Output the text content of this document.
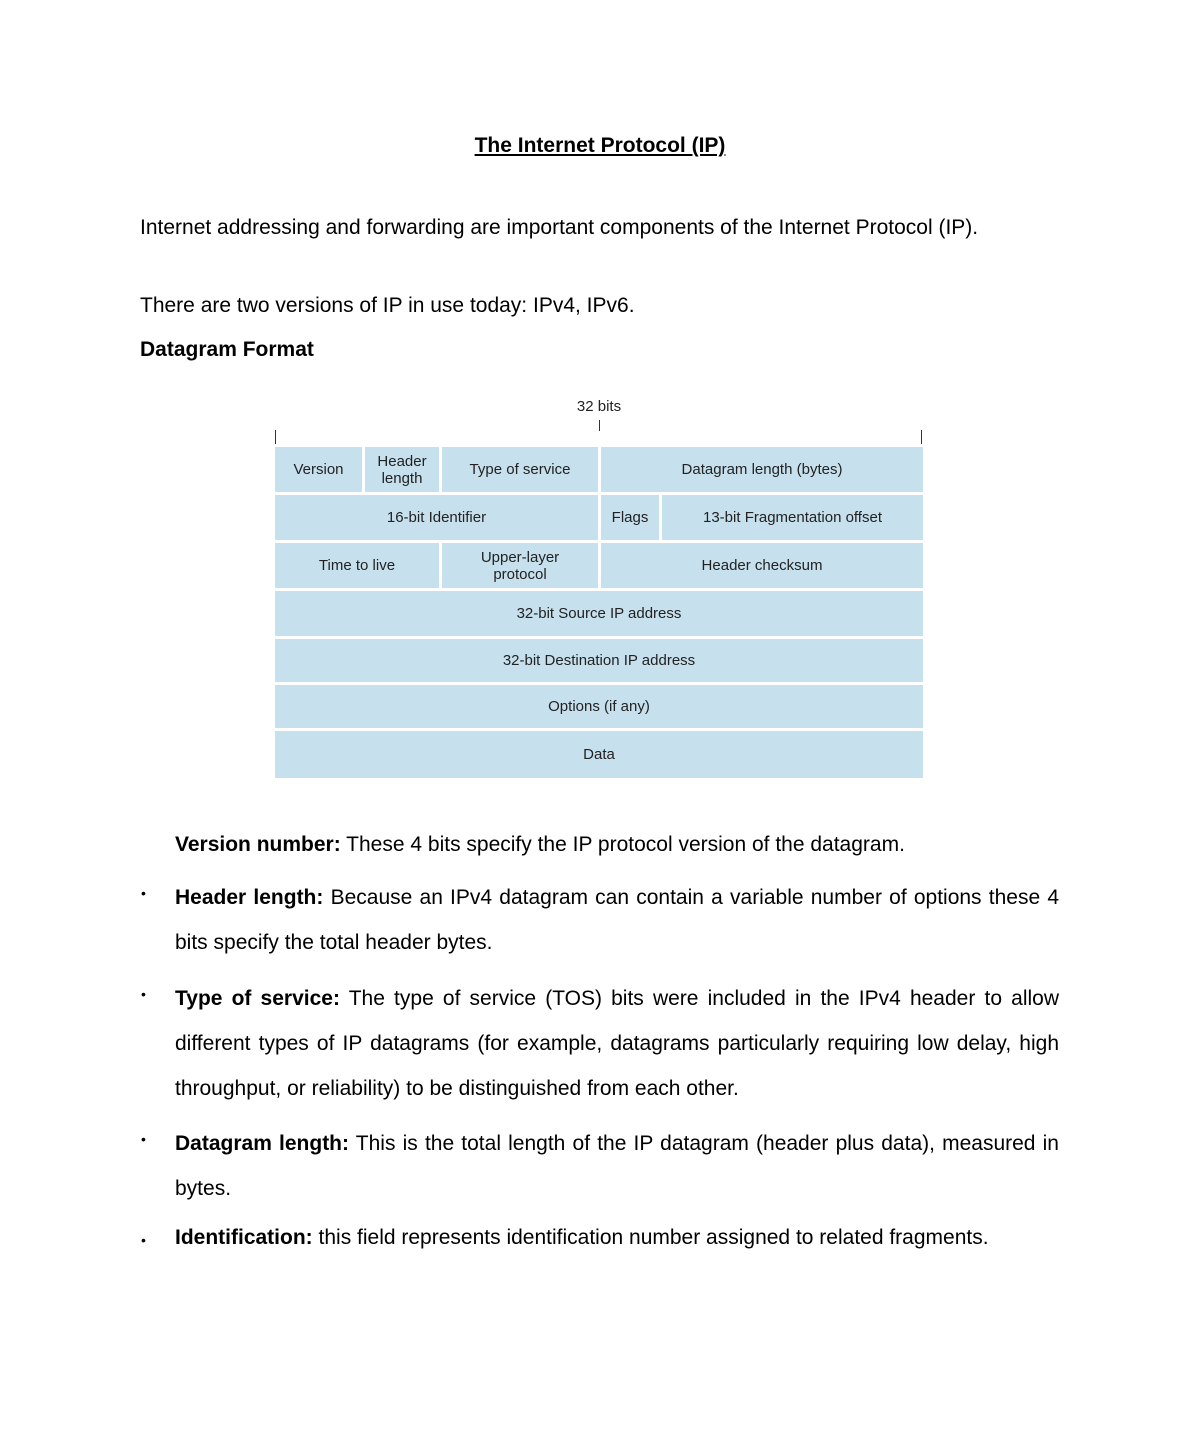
The Internet Protocol (IP)

Internet addressing and forwarding are important components of the Internet Protocol (IP).

There are two versions of IP in use today: IPv4, IPv6.

Datagram Format

32 bits
Version	Header length	Type of service	Datagram length (bytes)
16-bit Identifier	Flags	13-bit Fragmentation offset
Time to live	Upper-layer protocol	Header checksum
32-bit Source IP address
32-bit Destination IP address
Options (if any)
Data
Version number: These 4 bits specify the IP protocol version of the datagram.
• Header length: Because an IPv4 datagram can contain a variable number of options these 4 bits specify the total header bytes.
• Type of service: The type of service (TOS) bits were included in the IPv4 header to allow different types of IP datagrams (for example, datagrams particularly requiring low delay, high throughput, or reliability) to be distinguished from each other.
• Datagram length: This is the total length of the IP datagram (header plus data), measured in bytes.
• Identification: this field represents identification number assigned to related fragments.
